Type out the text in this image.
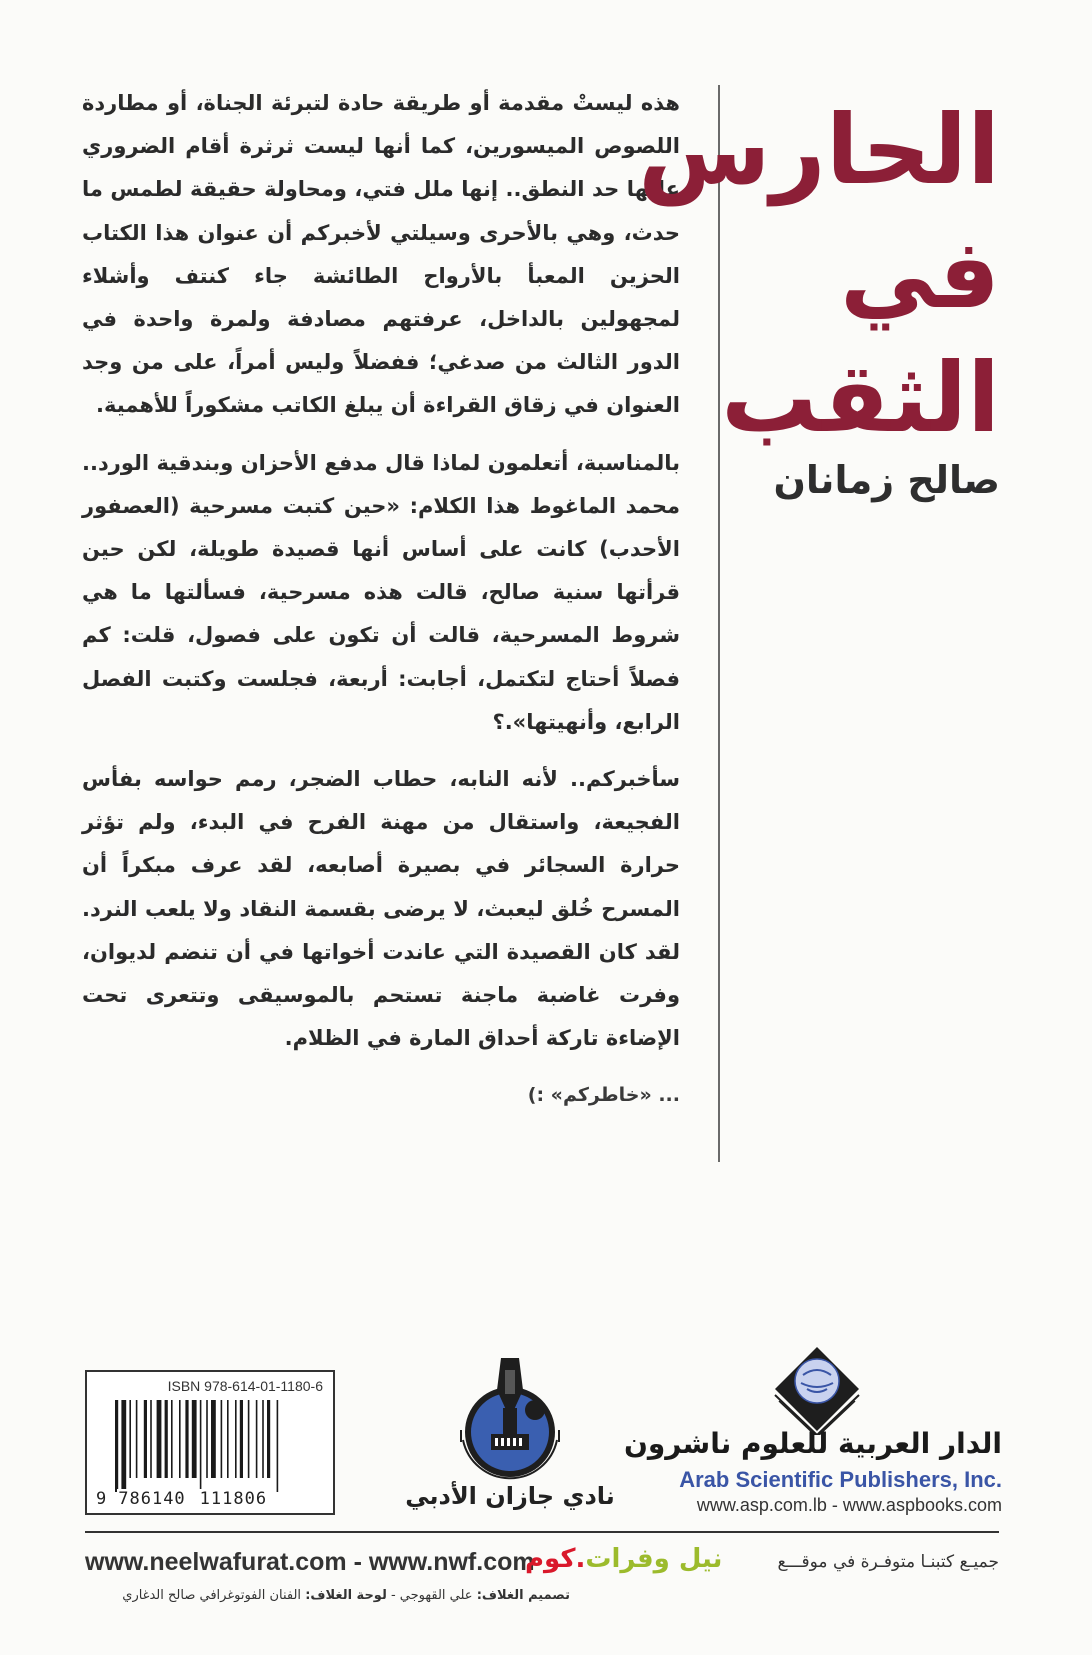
هذه ليستْ مقدمة أو طريقة حادة لتبرئة الجناة، أو مطاردة اللصوص الميسورين، كما أنها ليست ثرثرة أقام الضروري عليها حد النطق.. إنها ملل فتي، ومحاولة حقيقة لطمس ما حدث، وهي بالأحرى وسيلتي لأخبركم أن عنوان هذا الكتاب الحزين المعبأ بالأرواح الطائشة جاء كنتف وأشلاء لمجهولين بالداخل، عرفتهم مصادفة ولمرة واحدة في الدور الثالث من صدغي؛ ففضلاً وليس أمراً، على من وجد العنوان في زقاق القراءة أن يبلغ الكاتب مشكوراً للأهمية.

بالمناسبة، أتعلمون لماذا قال مدفع الأحزان وبندقية الورد.. محمد الماغوط هذا الكلام: «حين كتبت مسرحية (العصفور الأحدب) كانت على أساس أنها قصيدة طويلة، لكن حين قرأتها سنية صالح، قالت هذه مسرحية، فسألتها ما هي شروط المسرحية، قالت أن تكون على فصول، قلت: كم فصلاً أحتاج لتكتمل، أجابت: أربعة، فجلست وكتبت الفصل الرابع، وأنهيتها».؟

سأخبركم.. لأنه النابه، حطاب الضجر، رمم حواسه بفأس الفجيعة، واستقال من مهنة الفرح في البدء، ولم تؤثر حرارة السجائر في بصيرة أصابعه، لقد عرف مبكراً أن المسرح خُلق ليعبث، لا يرضى بقسمة النقاد ولا يلعب النرد. لقد كان القصيدة التي عاندت أخواتها في أن تنضم لديوان، وفرت غاضبة ماجنة تستحم بالموسيقى وتتعرى تحت الإضاءة تاركة أحداق المارة في الظلام.

... «خاطركم» :)

الحارس
في
الثقب
صالح زمانان
ISBN 978-614-01-1180-6
9 786140 111806	نادي جازان الأدبي
الدار العربية للعلوم ناشرون
Arab Scientific Publishers, Inc.
www.asp.com.lb - www.aspbooks.com
www.neelwafurat.com - www.nwf.com	نيل وفرات.كوم	جميـع كتبنـا متوفـرة في موقـــع
تصميم الغلاف: علي القهوجي - لوحة الغلاف: الفنان الفوتوغرافي صالح الدغاري
